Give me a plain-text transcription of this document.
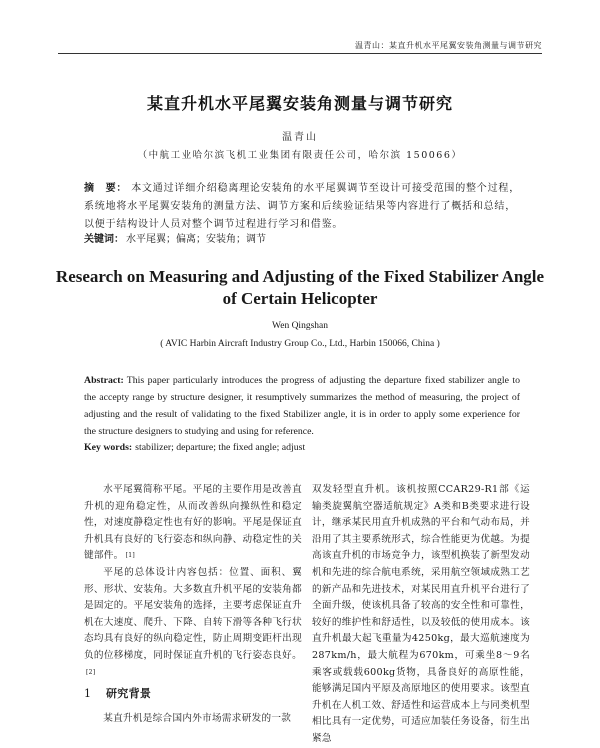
温青山：某直升机水平尾翼安装角测量与调节研究
某直升机水平尾翼安装角测量与调节研究
温青山
（中航工业哈尔滨飞机工业集团有限责任公司，哈尔滨 150066）
摘　要： 本文通过详细介绍稳离理论安装角的水平尾翼调节至设计可接受范围的整个过程，系统地将水平尾翼安装角的测量方法、调节方案和后续验证结果等内容进行了概括和总结，以便于结构设计人员对整个调节过程进行学习和借鉴。
关键词： 水平尾翼；偏离；安装角；调节
Research on Measuring and Adjusting of the Fixed Stabilizer Angle of Certain Helicopter
Wen Qingshan
( AVIC Harbin Aircraft Industry Group Co., Ltd., Harbin 150066, China )
Abstract: This paper particularly introduces the progress of adjusting the departure fixed stabilizer angle to the accepty range by structure designer, it resumptively summarizes the method of measuring, the project of adjusting and the result of validating to the fixed Stabilizer angle, it is in order to apply some experience for the structure designers to studying and using for reference.
Key words: stabilizer; departure; the fixed angle; adjust

水平尾翼简称平尾。平尾的主要作用是改善直升机的迎角稳定性，从而改善纵向操纵性和稳定性，对速度静稳定性也有好的影响。平尾是保证直升机具有良好的飞行姿态和纵向静、动稳定性的关键部件。 [1]

平尾的总体设计内容包括：位置、面积、翼形、形状、安装角。大多数直升机平尾的安装角都是固定的。平尾安装角的选择，主要考虑保证直升机在大速度、爬升、下降、自转下滑等各种飞行状态均具有良好的纵向稳定性，防止周期变距杆出现负的位移梯度，同时保证直升机的飞行姿态良好。[2]

1 研究背景

某直升机是综合国内外市场需求研发的一款

双发轻型直升机。该机按照CCAR29-R1部《运输类旋翼航空器适航规定》A类和B类要求进行设计，继承某民用直升机成熟的平台和气动布局，并沿用了其主要系统形式，综合性能更为优越。为提高该直升机的市场竞争力，该型机换装了新型发动机和先进的综合航电系统，采用航空领域成熟工艺的新产品和先进技术，对某民用直升机平台进行了全面升级，使该机具备了较高的安全性和可靠性，较好的维护性和舒适性，以及较低的使用成本。该直升机最大起飞重量为4250kg，最大巡航速度为287km/h，最大航程为670km，可乘坐8～9名乘客或载载600kg货物，具备良好的高原性能，能够满足国内平原及高原地区的使用要求。该型直升机在人机工效、舒适性和运营成本上与同类机型相比具有一定优势，可适应加装任务设备，衍生出紧急
